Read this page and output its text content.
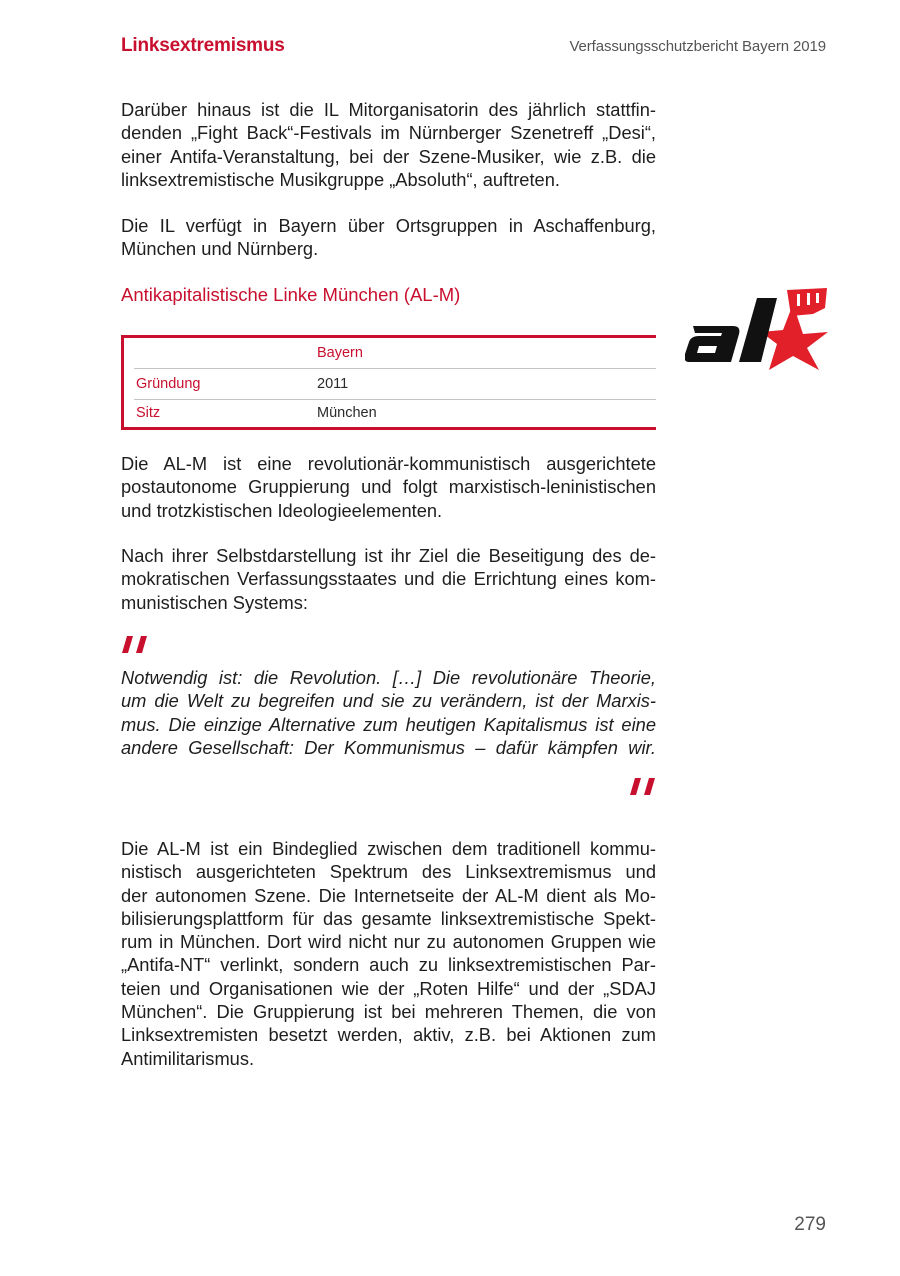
Linksextremismus	Verfassungsschutzbericht Bayern 2019

Darüber hinaus ist die IL Mitorganisatorin des jährlich stattfin-
denden „Fight Back“-Festivals im Nürnberger Szenetreff „Desi“,
einer Antifa-Veranstaltung, bei der Szene-Musiker, wie z.B. die
linksextremistische Musikgruppe „Absoluth“, auftreten.

Die IL verfügt in Bayern über Ortsgruppen in Aschaffenburg,
München und Nürnberg.

Antikapitalistische Linke München (AL-M)
Bayern
Gründung	2011
Sitz	München

Die AL-M ist eine revolutionär-kommunistisch ausgerichtete
postautonome Gruppierung und folgt marxistisch-leninistischen
und trotzkistischen Ideologieelementen.

Nach ihrer Selbstdarstellung ist ihr Ziel die Beseitigung des de-
mokratischen Verfassungsstaates und die Errichtung eines kom-
munistischen Systems:

Notwendig ist: die Revolution. […] Die revolutionäre Theorie,
um die Welt zu begreifen und sie zu verändern, ist der Marxis-
mus. Die einzige Alternative zum heutigen Kapitalismus ist eine
andere Gesellschaft: Der Kommunismus – dafür kämpfen wir.

Die AL-M ist ein Bindeglied zwischen dem traditionell kommu-
nistisch ausgerichteten Spektrum des Linksextremismus und
der autonomen Szene. Die Internetseite der AL-M dient als Mo-
bilisierungsplattform für das gesamte linksextremistische Spekt-
rum in München. Dort wird nicht nur zu autonomen Gruppen wie
„Antifa-NT“ verlinkt, sondern auch zu linksextremistischen Par-
teien und Organisationen wie der „Roten Hilfe“ und der „SDAJ
München“. Die Gruppierung ist bei mehreren Themen, die von
Linksextremisten besetzt werden, aktiv, z.B. bei Aktionen zum
Antimilitarismus.

279
